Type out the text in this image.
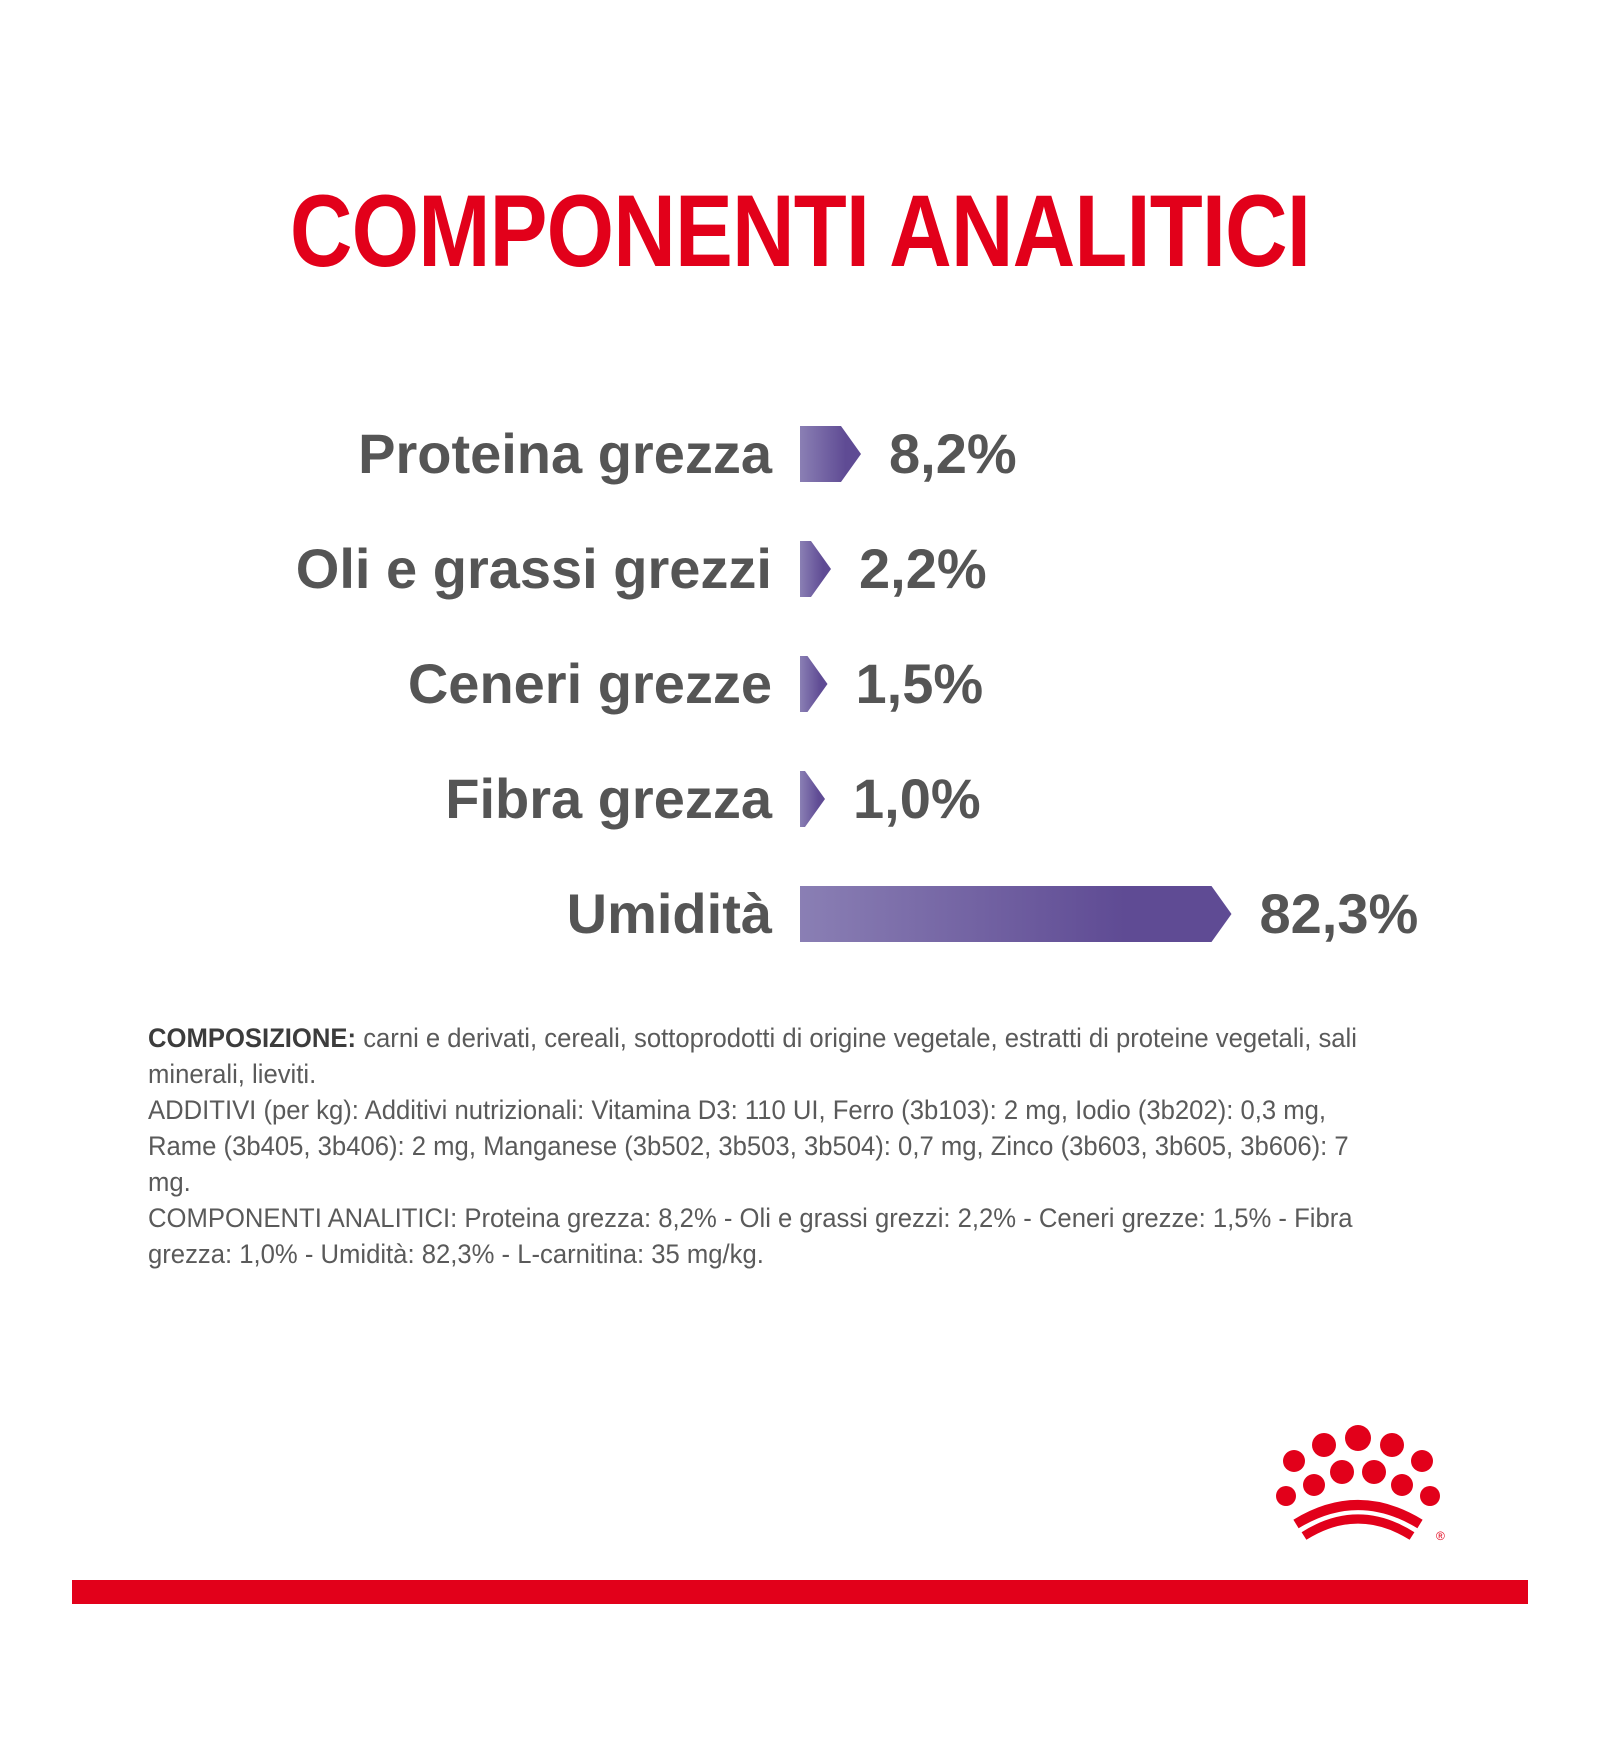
COMPONENTI ANALITICI
Proteina grezza 8,2%
Oli e grassi grezzi 2,2%
Ceneri grezze 1,5%
Fibra grezza 1,0%
Umidità	82,3%

COMPOSIZIONE: carni e derivati, cereali, sottoprodotti di origine vegetale, estratti di proteine vegetali, sali minerali, lieviti.

ADDITIVI (per kg): Additivi nutrizionali: Vitamina D3: 110 UI, Ferro (3b103): 2 mg, Iodio (3b202): 0,3 mg, Rame (3b405, 3b406): 2 mg, Manganese (3b502, 3b503, 3b504): 0,7 mg, Zinco (3b603, 3b605, 3b606): 7 mg.

COMPONENTI ANALITICI: Proteina grezza: 8,2% - Oli e grassi grezzi: 2,2% - Ceneri grezze: 1,5% - Fibra grezza: 1,0% - Umidità: 82,3% - L-carnitina: 35 mg/kg.

®
